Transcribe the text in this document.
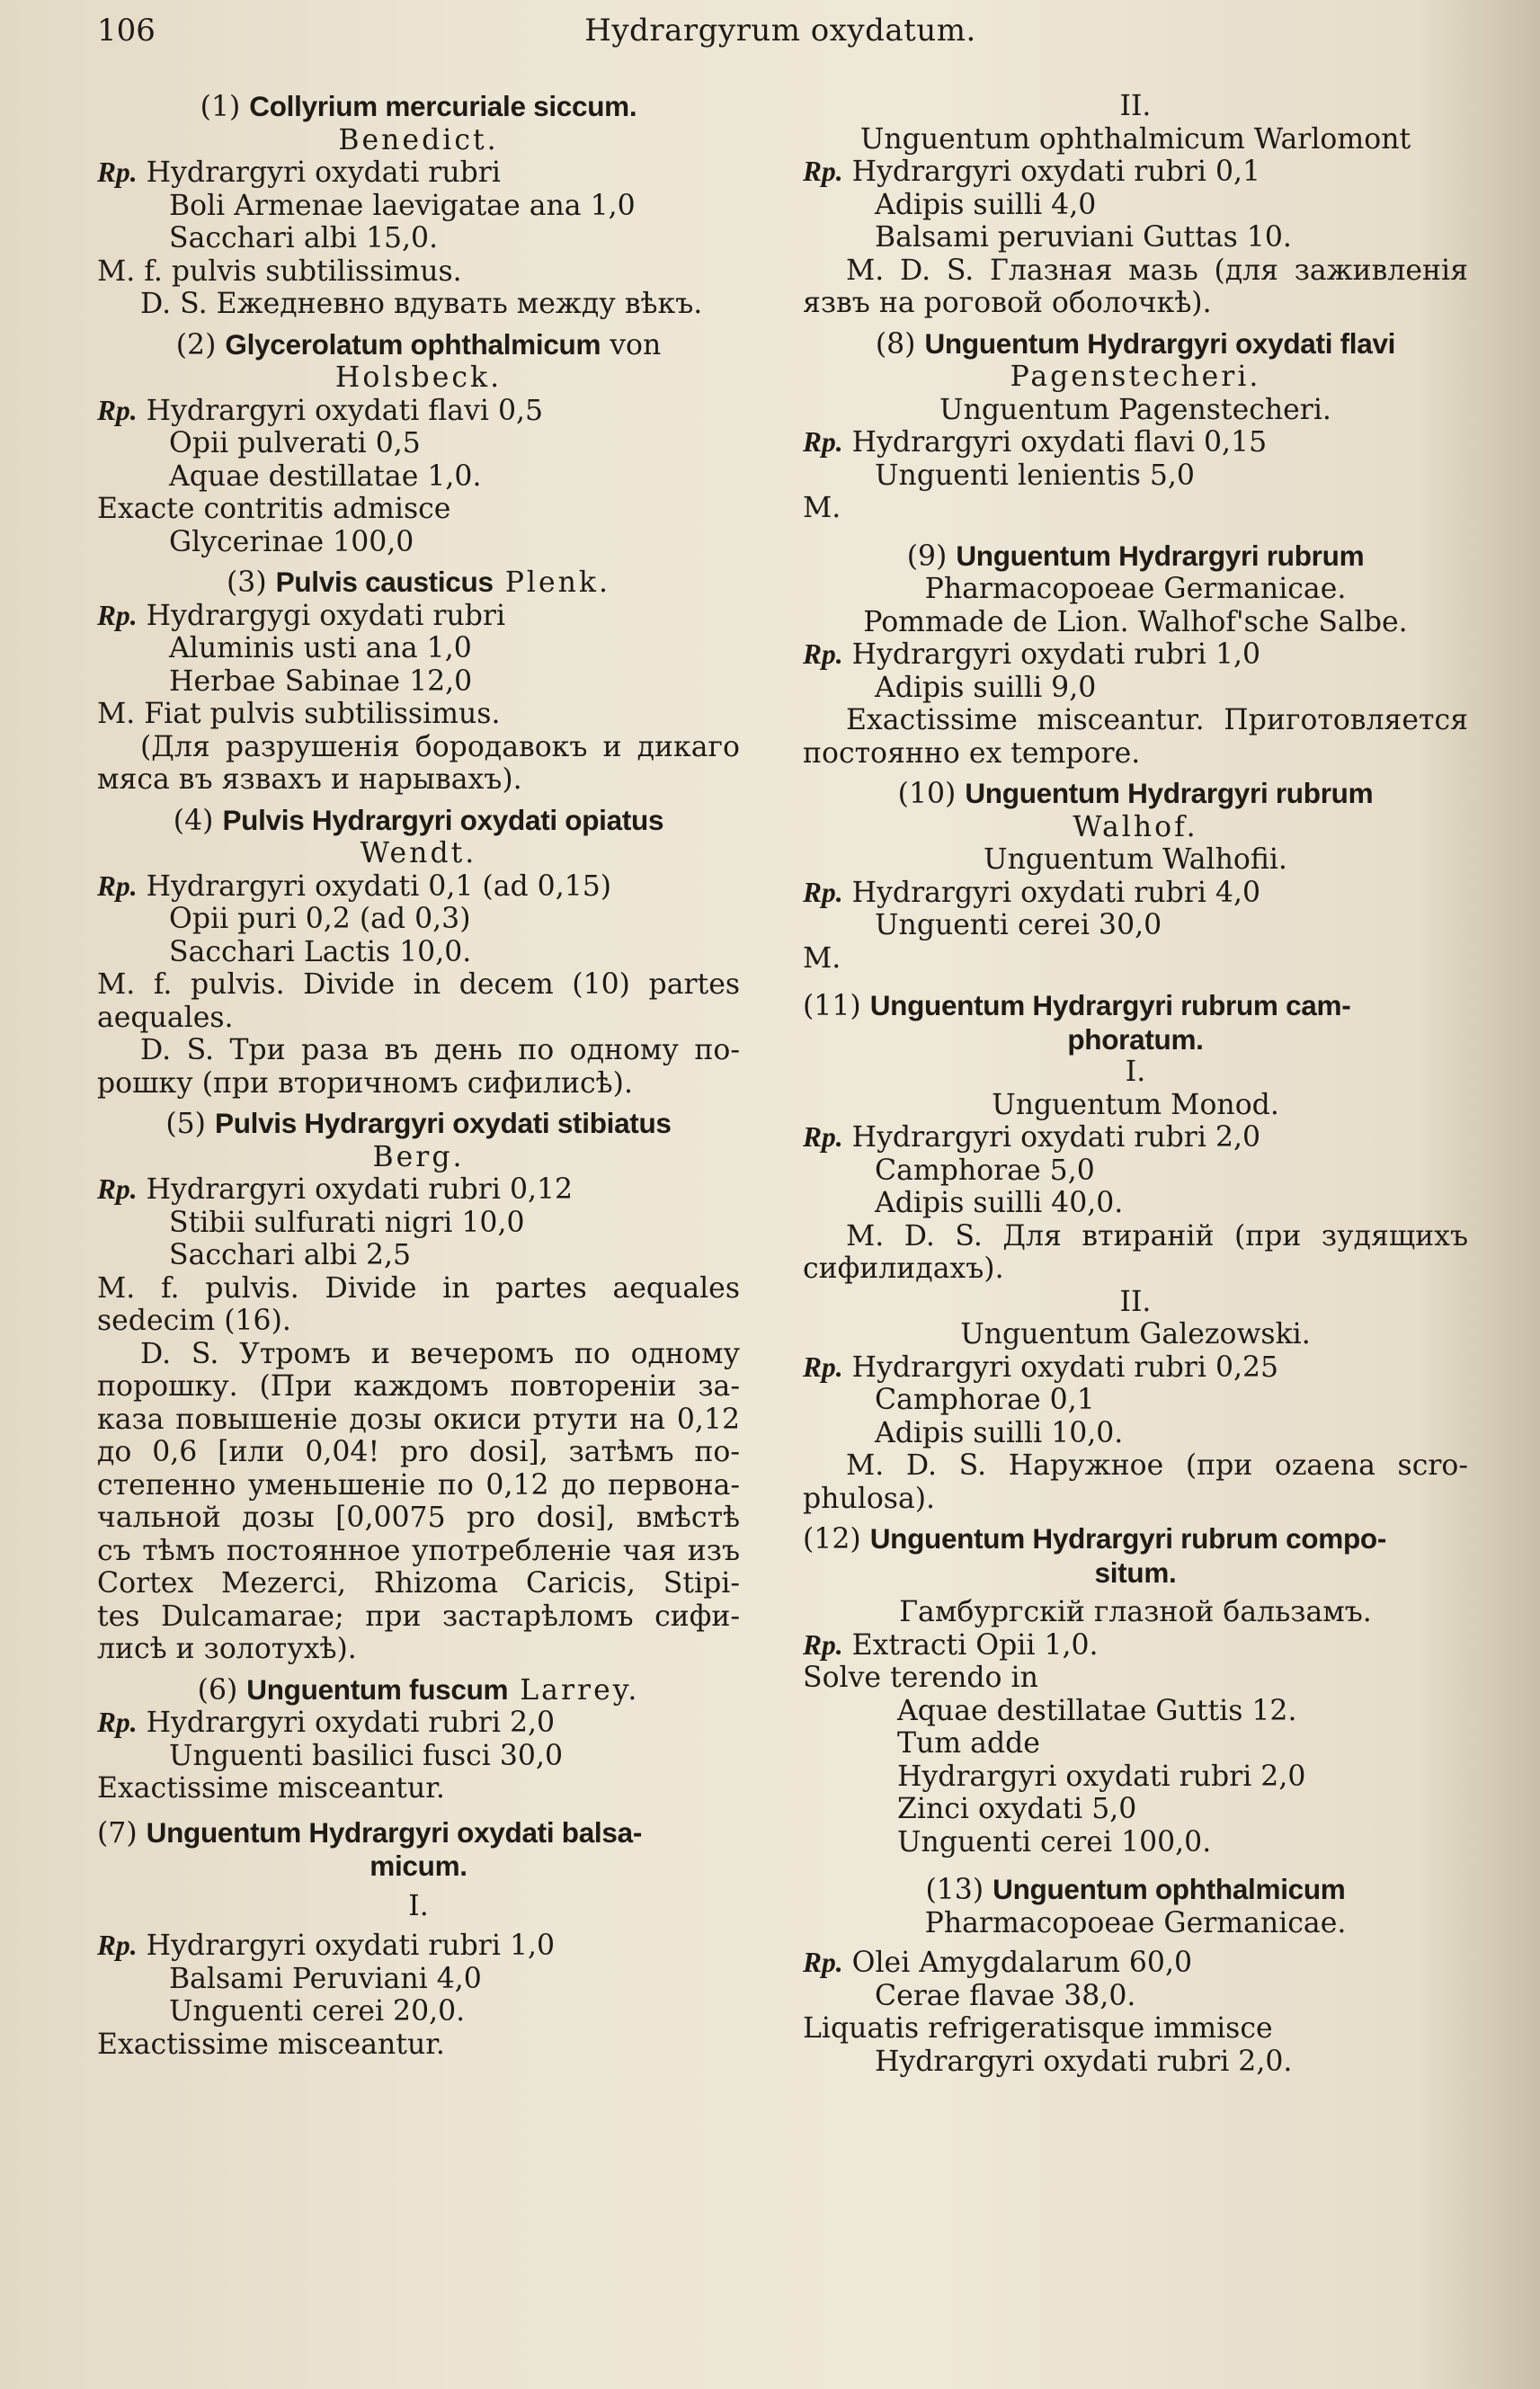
106	Hydrargyrum oxydatum.
(1) Collyrium mercuriale siccum.
Benedict.
Rp. Hydrargyri oxydati rubri
Boli Armenae laevigatae ana 1,0
Sacchari albi 15,0.
M. f. pulvis subtilissimus.
D. S. Ежедневно вдувать между вѣкъ.
(2) Glycerolatum ophthalmicum von
Holsbeck.
Rp. Hydrargyri oxydati flavi 0,5
Opii pulverati 0,5
Aquae destillatae 1,0.
Exacte contritis admisce
Glycerinae 100,0
(3) Pulvis causticus Plenk.
Rp. Hydrargygi oxydati rubri
Aluminis usti ana 1,0
Herbae Sabinae 12,0
M. Fiat pulvis subtilissimus.
(Для разрушенія бородавокъ и дикаго
мяса въ язвахъ и нарывахъ).
(4) Pulvis Hydrargyri oxydati opiatus
Wendt.
Rp. Hydrargyri oxydati 0,1 (ad 0,15)
Opii puri 0,2 (ad 0,3)
Sacchari Lactis 10,0.
M. f. pulvis. Divide in decem (10) partes
aequales.
D. S. Три раза въ день по одному по-
рошку (при вторичномъ сифилисѣ).
(5) Pulvis Hydrargyri oxydati stibiatus
Berg.
Rp. Hydrargyri oxydati rubri 0,12
Stibii sulfurati nigri 10,0
Sacchari albi 2,5
M. f. pulvis. Divide in partes aequales
sedecim (16).
D. S. Утромъ и вечеромъ по одному
порошку. (При каждомъ повтореніи за-
каза повышеніе дозы окиси ртути на 0,12
до 0,6 [или 0,04! pro dosi], затѣмъ по-
степенно уменьшеніе по 0,12 до первона-
чальной дозы [0,0075 pro dosi], вмѣстѣ
съ тѣмъ постоянное употребленіе чая изъ
Cortex Mezerci, Rhizoma Caricis, Stipi-
tes Dulcamarae; при застарѣломъ сифи-
лисѣ и золотухѣ).
(6) Unguentum fuscum Larrey.
Rp. Hydrargyri oxydati rubri 2,0
Unguenti basilici fusci 30,0
Exactissime misceantur.
(7) Unguentum Hydrargyri oxydati balsa-
micum.
I.
Rp. Hydrargyri oxydati rubri 1,0
Balsami Peruviani 4,0
Unguenti cerei 20,0.
Exactissime misceantur.
II.
Unguentum ophthalmicum Warlomont
Rp. Hydrargyri oxydati rubri 0,1
Adipis suilli 4,0
Balsami peruviani Guttas 10.
M. D. S. Глазная мазь (для заживленія
язвъ на роговой оболочкѣ).
(8) Unguentum Hydrargyri oxydati flavi
Pagenstecheri.
Unguentum Pagenstecheri.
Rp. Hydrargyri oxydati flavi 0,15
Unguenti lenientis 5,0
M.
(9) Unguentum Hydrargyri rubrum
Pharmacopoeae Germanicae.
Pommade de Lion. Walhof'sche Salbe.
Rp. Hydrargyri oxydati rubri 1,0
Adipis suilli 9,0
Exactissime misceantur. Приготовляется
постоянно ex tempore.
(10) Unguentum Hydrargyri rubrum
Walhof.
Unguentum Walhofii.
Rp. Hydrargyri oxydati rubri 4,0
Unguenti cerei 30,0
M.
(11) Unguentum Hydrargyri rubrum cam-
phoratum.
I.
Unguentum Monod.
Rp. Hydrargyri oxydati rubri 2,0
Camphorae 5,0
Adipis suilli 40,0.
M. D. S. Для втираній (при зудящихъ
сифилидахъ).
II.
Unguentum Galezowski.
Rp. Hydrargyri oxydati rubri 0,25
Camphorae 0,1
Adipis suilli 10,0.
M. D. S. Наружное (при ozaena scro-
phulosa).
(12) Unguentum Hydrargyri rubrum compo-
situm.
Гамбургскій глазной бальзамъ.
Rp. Extracti Opii 1,0.
Solve terendo in
Aquae destillatae Guttis 12.
Tum adde
Hydrargyri oxydati rubri 2,0
Zinci oxydati 5,0
Unguenti cerei 100,0.
(13) Unguentum ophthalmicum
Pharmacopoeae Germanicae.
Rp. Olei Amygdalarum 60,0
Cerae flavae 38,0.
Liquatis refrigeratisque immisce
Hydrargyri oxydati rubri 2,0.
